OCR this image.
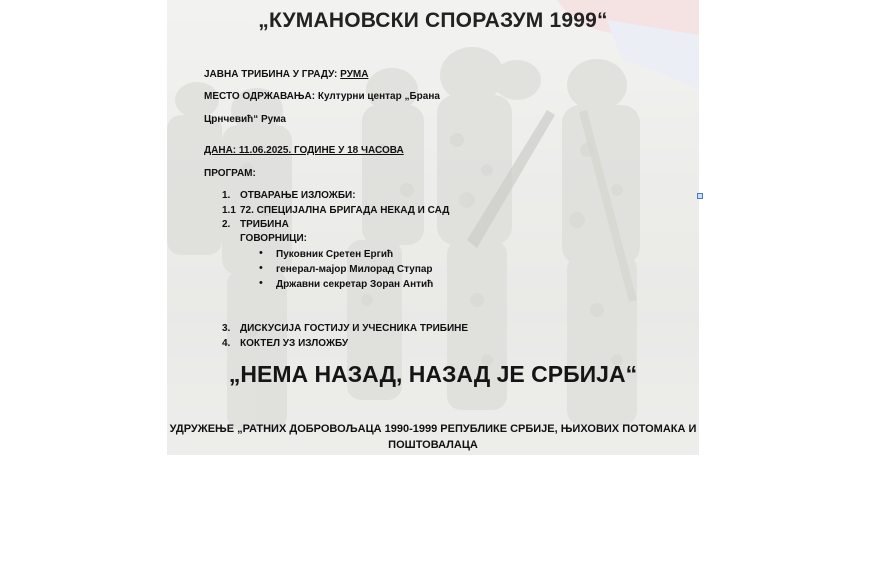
„КУМАНОВСКИ СПОРАЗУМ 1999“
ЈАВНА ТРИБИНА У ГРАДУ: РУМА
МЕСТО ОДРЖАВАЊА: Културни центар „Брана
Црнчевић“ Рума
ДАНА: 11.06.2025. ГОДИНЕ У 18 ЧАСОВА
ПРОГРАМ:
1. ОТВАРАЊЕ ИЗЛОЖБИ:
1.1 72. СПЕЦИЈАЛНА БРИГАДА НЕКАД И САД
2. ТРИБИНА
ГОВОРНИЦИ:
• Пуковник Сретен Ергић
• генерал-мајор Милорад Ступар
• Државни секретар Зоран Антић
3. ДИСКУСИЈА ГОСТИЈУ И УЧЕСНИКА ТРИБИНЕ
4. КОКТЕЛ УЗ ИЗЛОЖБУ
„НЕМА НАЗАД, НАЗАД ЈЕ СРБИЈА“
УДРУЖЕЊЕ „РАТНИХ ДОБРОВОЉАЦА 1990-1999 РЕПУБЛИКЕ СРБИЈЕ, ЊИХОВИХ ПОТОМАКА И
ПОШТОВАЛАЦА
